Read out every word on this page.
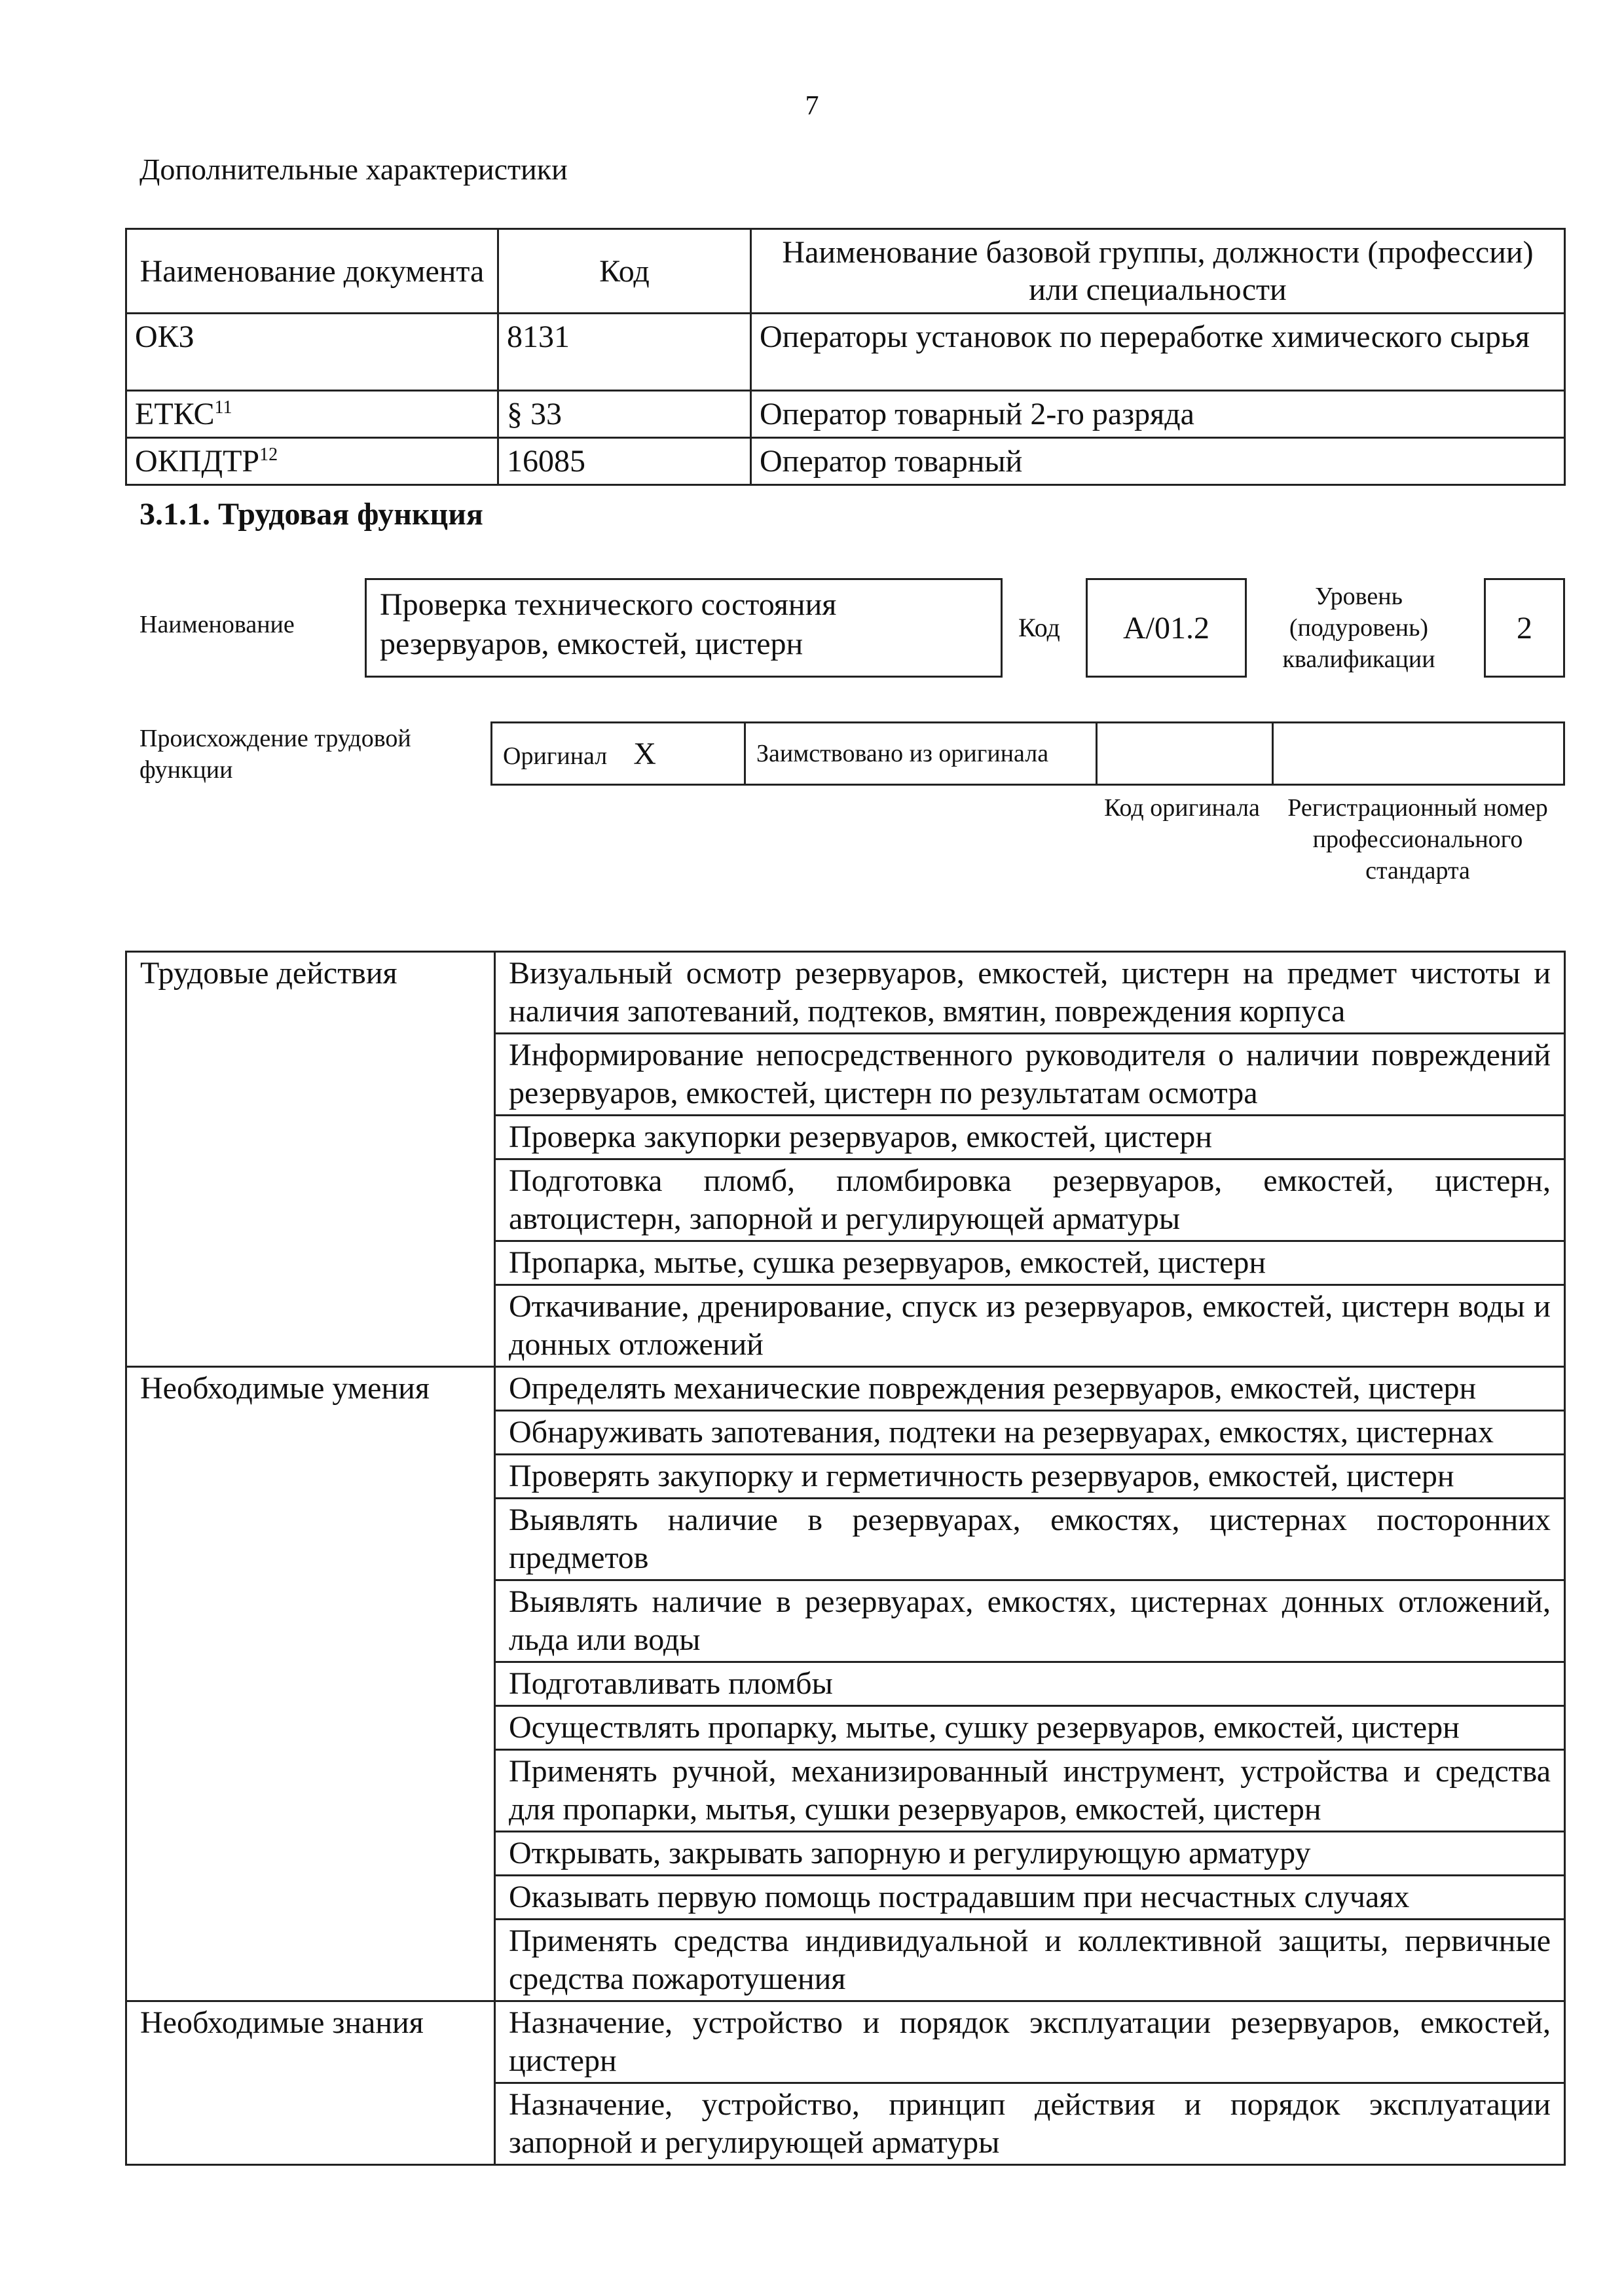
7
Дополнительные характеристики
Наименование документа	Код	Наименование базовой группы, должности (профессии) или специальности
ОКЗ	8131	Операторы установок по переработке химического сырья
ЕТКС$^{11}$	§ 33	Оператор товарный 2-го разряда
ОКПДТР$^{12}$	16085	Оператор товарный
3.1.1. Трудовая функция
Наименование
Проверка технического состояния резервуаров, емкостей, цистерн	Код	A/01.2
Уровень (подуровень) квалификации
2
Происхождение трудовой функции
Оригинал X	Заимствовано из оригинала		
Код оригинала	Регистрационный номер профессионального стандарта
Трудовые действия	Визуальный осмотр резервуаров, емкостей, цистерн на предмет чистоты и наличия запотеваний, подтеков, вмятин, повреждения корпуса
	Информирование непосредственного руководителя о наличии повреждений резервуаров, емкостей, цистерн по результатам осмотра
	Проверка закупорки резервуаров, емкостей, цистерн
	Подготовка пломб, пломбировка резервуаров, емкостей, цистерн, автоцистерн, запорной и регулирующей арматуры
	Пропарка, мытье, сушка резервуаров, емкостей, цистерн
	Откачивание, дренирование, спуск из резервуаров, емкостей, цистерн воды и донных отложений
Необходимые умения	Определять механические повреждения резервуаров, емкостей, цистерн
	Обнаруживать запотевания, подтеки на резервуарах, емкостях, цистернах
	Проверять закупорку и герметичность резервуаров, емкостей, цистерн
	Выявлять наличие в резервуарах, емкостях, цистернах посторонних предметов
	Выявлять наличие в резервуарах, емкостях, цистернах донных отложений, льда или воды
	Подготавливать пломбы
	Осуществлять пропарку, мытье, сушку резервуаров, емкостей, цистерн
	Применять ручной, механизированный инструмент, устройства и средства для пропарки, мытья, сушки резервуаров, емкостей, цистерн
	Открывать, закрывать запорную и регулирующую арматуру
	Оказывать первую помощь пострадавшим при несчастных случаях
	Применять средства индивидуальной и коллективной защиты, первичные средства пожаротушения
Необходимые знания	Назначение, устройство и порядок эксплуатации резервуаров, емкостей, цистерн
	Назначение, устройство, принцип действия и порядок эксплуатации запорной и регулирующей арматуры
